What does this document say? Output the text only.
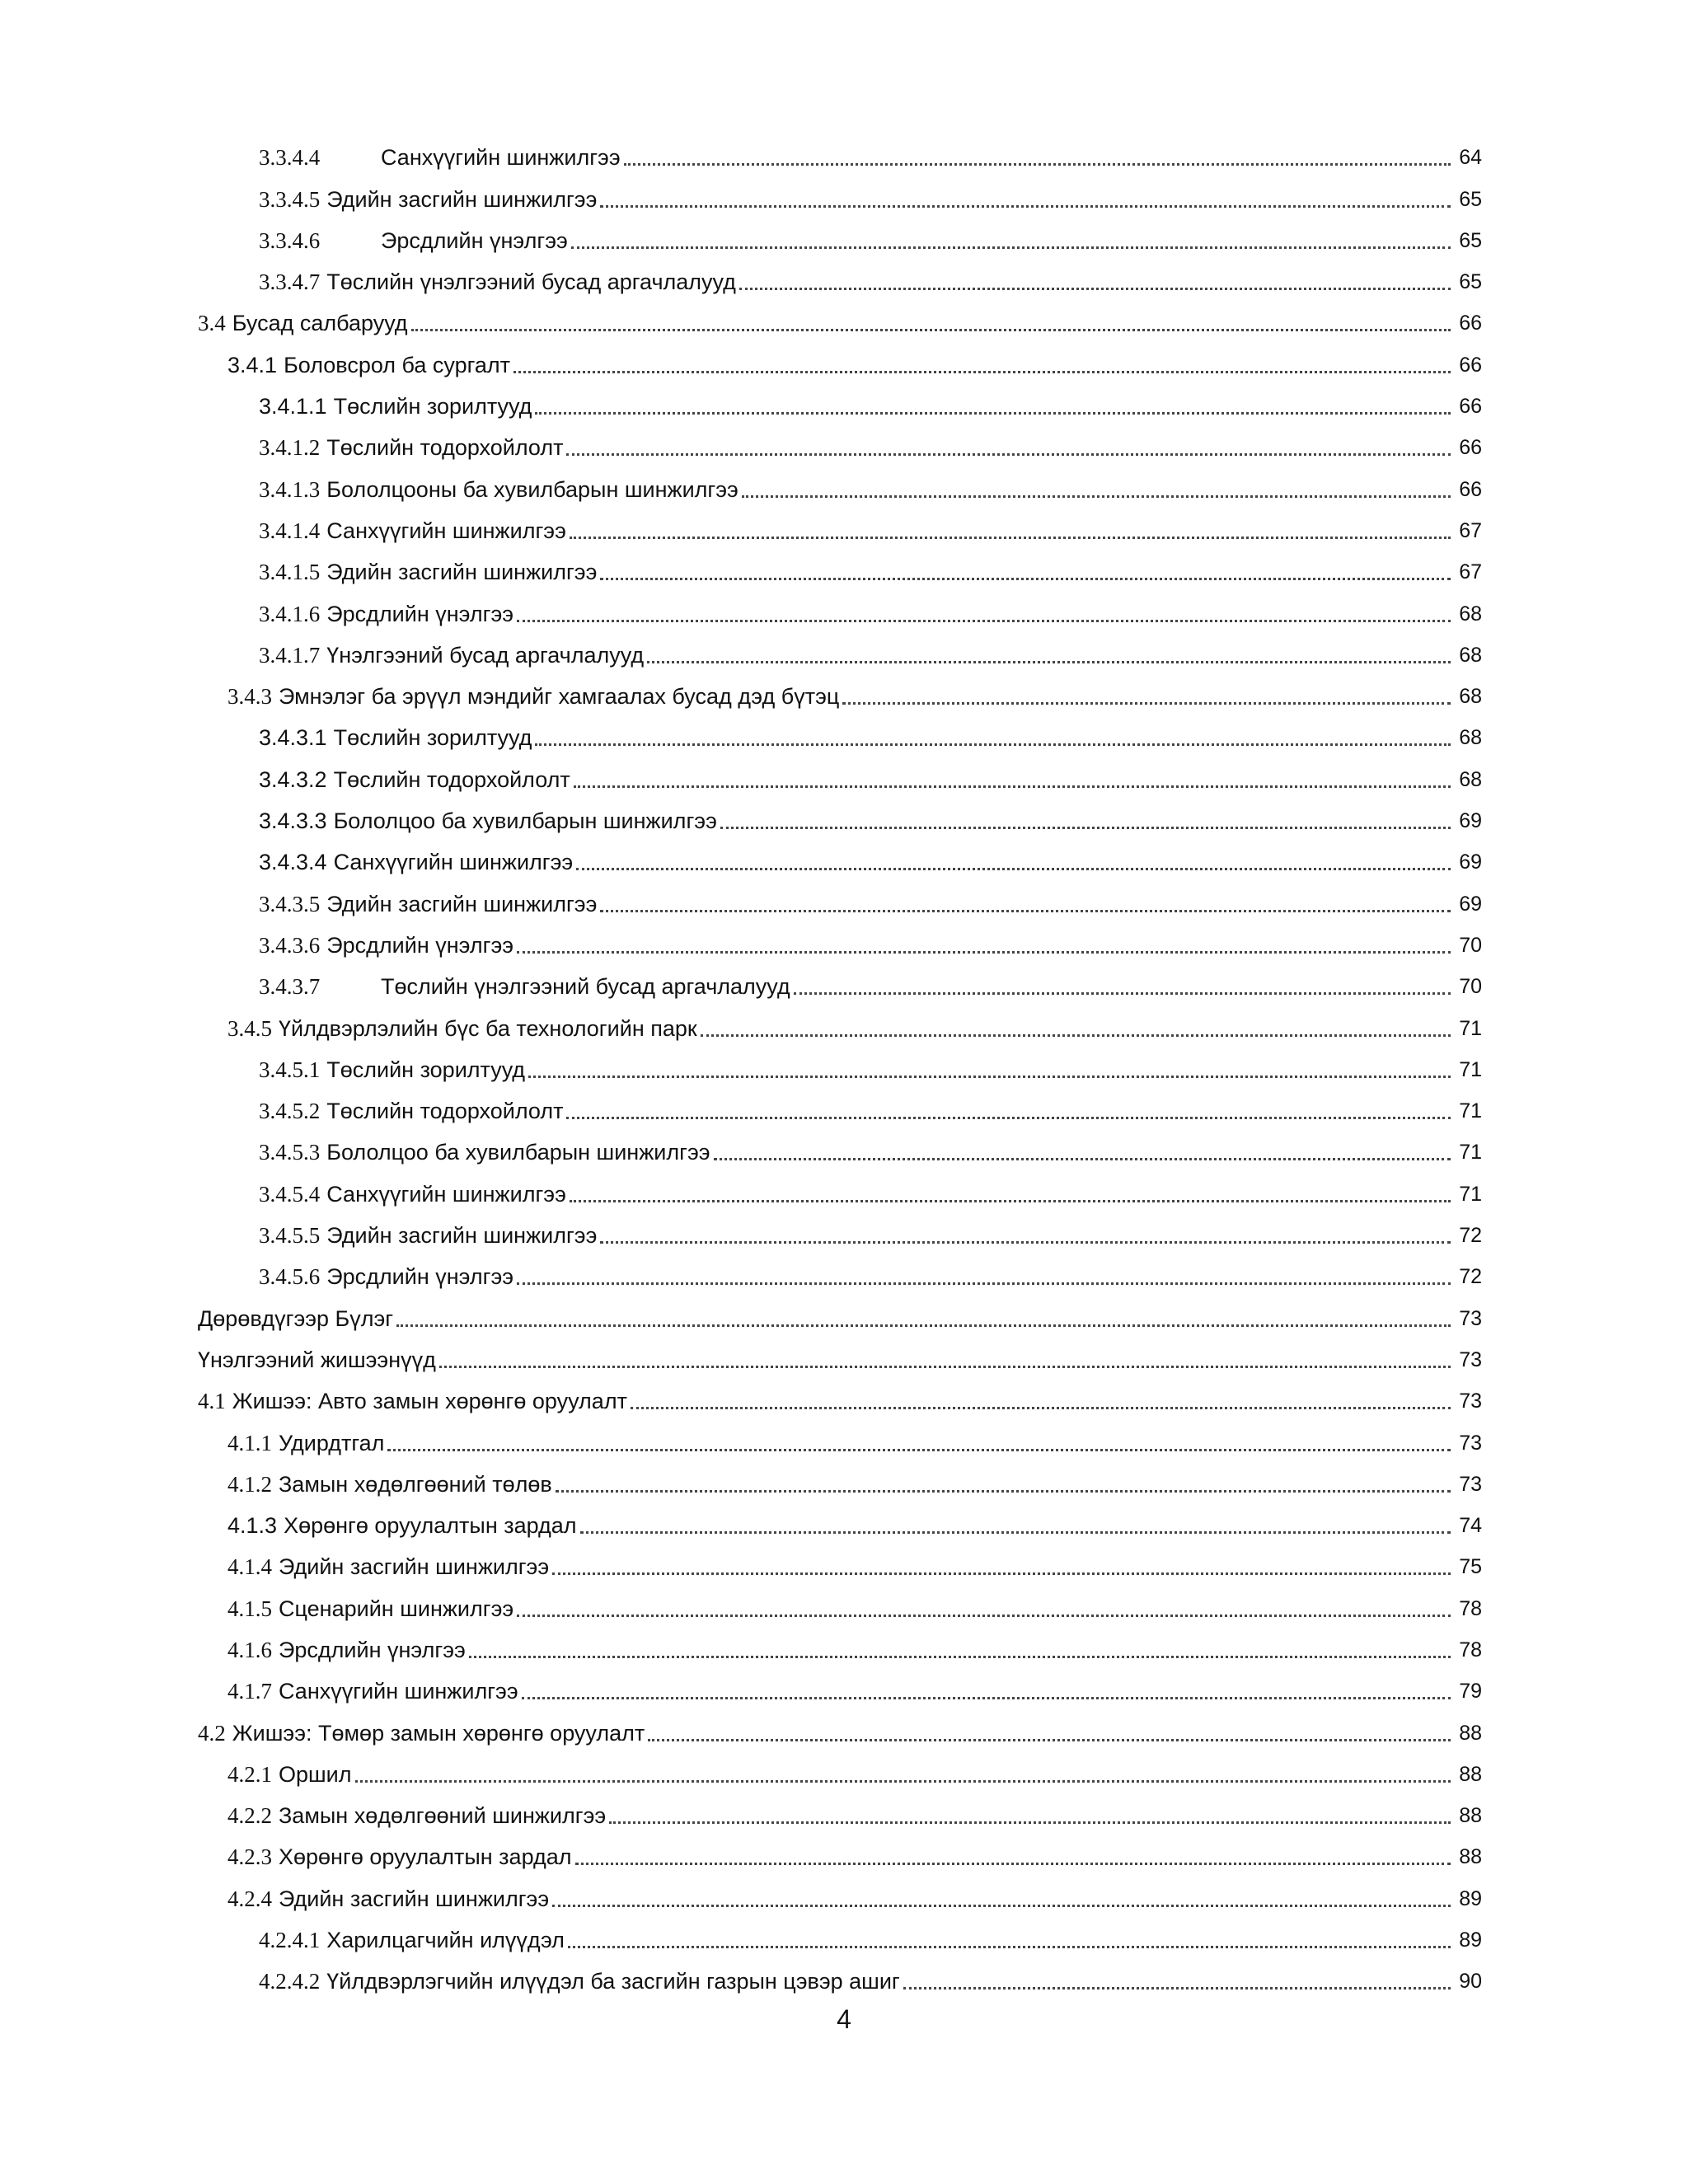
3.3.4.4	Санхүүгийн шинжилгээ	64
3.3.4.5 Эдийн засгийн шинжилгээ	65
3.3.4.6	Эрсдлийн үнэлгээ	65
3.3.4.7 Төслийн үнэлгээний бусад аргачлалууд	65
3.4 Бусад салбарууд	66
3.4.1 Боловсрол ба сургалт	66
3.4.1.1 Төслийн зорилтууд	66
3.4.1.2 Төслийн тодорхойлолт	66
3.4.1.3 Бололцооны ба хувилбарын шинжилгээ	66
3.4.1.4 Санхүүгийн шинжилгээ	67
3.4.1.5 Эдийн засгийн шинжилгээ	67
3.4.1.6 Эрсдлийн үнэлгээ	68
3.4.1.7 Үнэлгээний бусад аргачлалууд	68
3.4.3 Эмнэлэг ба эрүүл мэндийг хамгаалах бусад дэд бүтэц	68
3.4.3.1 Төслийн зорилтууд	68
3.4.3.2 Төслийн тодорхойлолт	68
3.4.3.3 Бололцоо ба хувилбарын шинжилгээ	69
3.4.3.4 Санхүүгийн шинжилгээ	69
3.4.3.5 Эдийн засгийн шинжилгээ	69
3.4.3.6 Эрсдлийн үнэлгээ	70
3.4.3.7	Төслийн үнэлгээний бусад аргачлалууд	70
3.4.5 Үйлдвэрлэлийн бүс ба технологийн парк	71
3.4.5.1 Төслийн зорилтууд	71
3.4.5.2 Төслийн тодорхойлолт	71
3.4.5.3 Бололцоо ба хувилбарын шинжилгээ	71
3.4.5.4 Санхүүгийн шинжилгээ	71
3.4.5.5 Эдийн засгийн шинжилгээ	72
3.4.5.6 Эрсдлийн үнэлгээ	72
Дөрөвдүгээр Бүлэг	73
Үнэлгээний жишээнүүд	73
4.1 Жишээ: Авто замын хөрөнгө оруулалт	73
4.1.1 Удирдтгал	73
4.1.2 Замын хөдөлгөөний төлөв	73
4.1.3 Хөрөнгө оруулалтын зардал	74
4.1.4 Эдийн засгийн шинжилгээ	75
4.1.5 Сценарийн шинжилгээ	78
4.1.6 Эрсдлийн үнэлгээ	78
4.1.7 Санхүүгийн шинжилгээ	79
4.2 Жишээ: Төмөр замын хөрөнгө оруулалт	88
4.2.1 Оршил	88
4.2.2 Замын хөдөлгөөний шинжилгээ	88
4.2.3 Хөрөнгө оруулалтын зардал	88
4.2.4 Эдийн засгийн шинжилгээ	89
4.2.4.1 Харилцагчийн илүүдэл	89
4.2.4.2 Үйлдвэрлэгчийн илүүдэл ба засгийн газрын цэвэр ашиг	90
4
